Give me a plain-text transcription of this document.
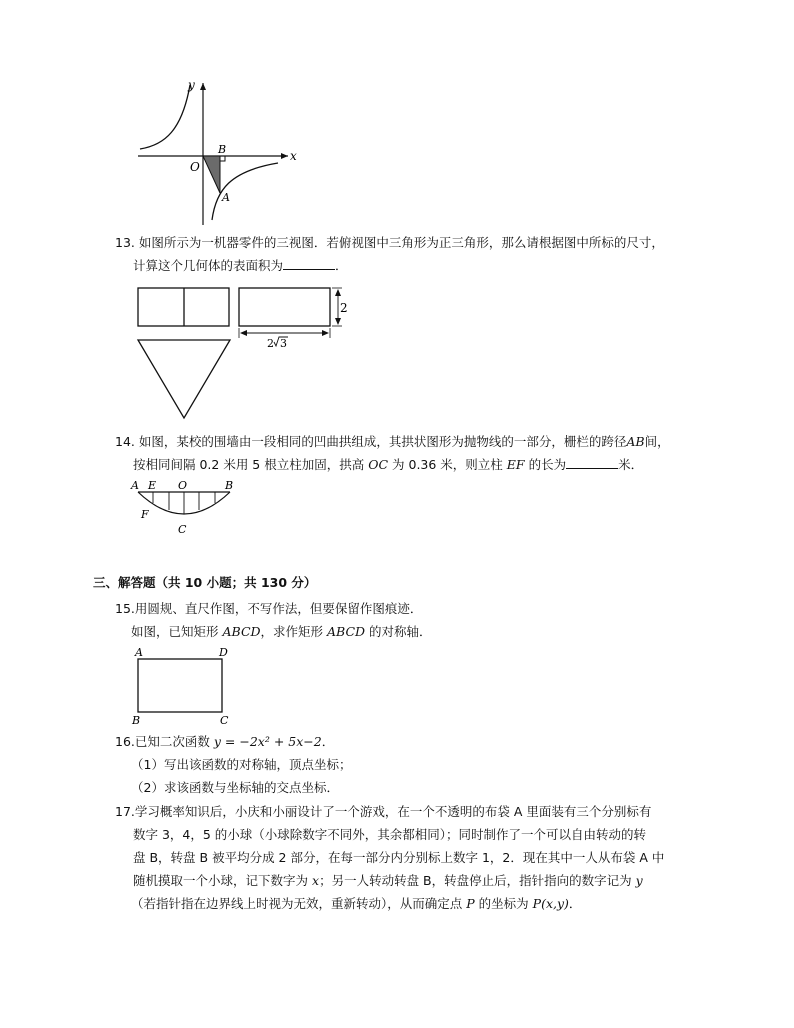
y
x
O
B
A
13. 如图所示为一机器零件的三视图．若俯视图中三角形为正三角形，那么请根据图中所标的尺寸，
计算这个几何体的表面积为	．
2
2 3
14. 如图，某校的围墙由一段相同的凹曲拱组成，其拱状图形为抛物线的一部分，栅栏的跨径AB间，
按相同间隔 0.2 米用 5 根立柱加固，拱高 OC 为 0.36 米，则立柱 EF 的长为	米．
A E O	B
F
C
三、解答题（共 10 小题；共 130 分）
15.用圆规、直尺作图，不写作法，但要保留作图痕迹．
如图，已知矩形 ABCD，求作矩形 ABCD 的对称轴．
A	D
B	C
16.已知二次函数 y = −2x² + 5x−2．
（1）写出该函数的对称轴，顶点坐标；
（2）求该函数与坐标轴的交点坐标．
17.学习概率知识后，小庆和小丽设计了一个游戏，在一个不透明的布袋 A 里面装有三个分别标有
数字 3，4，5 的小球（小球除数字不同外，其余都相同）；同时制作了一个可以自由转动的转
盘 B，转盘 B 被平均分成 2 部分，在每一部分内分别标上数字 1，2．现在其中一人从布袋 A 中
随机摸取一个小球，记下数字为 x；另一人转动转盘 B，转盘停止后，指针指向的数字记为 y
（若指针指在边界线上时视为无效，重新转动），从而确定点 P 的坐标为 P(x,y)．
